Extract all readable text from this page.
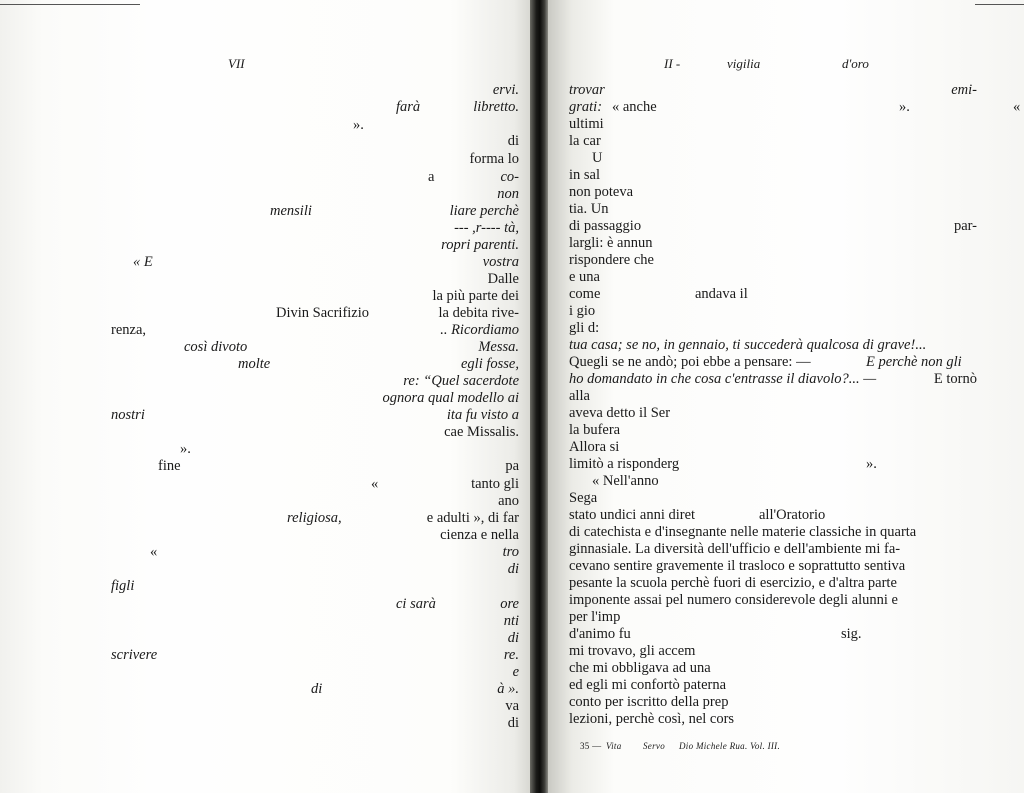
VII
ervi.
farà	libretto.
».
di
forma lo
a	co-
non
mensili	liare perchè
--- ,r---- tà,
ropri parenti.
« E	vostra
Dalle
la più parte dei
Divin Sacrifizio	la debita rive-
renza,	.. Ricordiamo
così divoto	Messa.
molte	egli fosse,
re: “Quel sacerdote
ognora qual modello ai
nostri	ita fu visto a
cae Missalis.
».
fine	pa
«	tanto gli
ano
religiosa,	e adulti », di far
cienza e nella
«	tro
di
figli
ci sarà	ore
nti
di
scrivere	re.
e
di	à ».
va
di
II -	vigilia	d'oro
trovar	emi-
grati: « anche	».	«
ultimi
la car
U
in sal
non poteva
tia. Un
di passaggio	par-
largli: è annun
rispondere che
e una
come	andava il
i gio
gli d:
tua casa; se no, in gennaio, ti succederà qualcosa di grave!...
Quegli se ne andò; poi ebbe a pensare: —	E perchè non gli
ho domandato in che cosa c'entrasse il diavolo?... —	E tornò
alla
aveva detto il Ser
la bufera
Allora si
limitò a risponderg	».
« Nell'anno
Sega
stato undici anni diret	all'Oratorio
di catechista e d'insegnante nelle materie classiche in quarta
ginnasiale. La diversità dell'ufficio e dell'ambiente mi fa-
cevano sentire gravemente il trasloco e soprattutto sentiva
pesante la scuola perchè fuori di esercizio, e d'altra parte
imponente assai pel numero considerevole degli alunni e
per l'imp
d'animo fu	sig.
mi trovavo, gli accem
che mi obbligava ad una
ed egli mi confortò paterna
conto per iscritto della prep
lezioni, perchè così, nel cors
35 — Vita Servo Dio Michele Rua. Vol. III.
